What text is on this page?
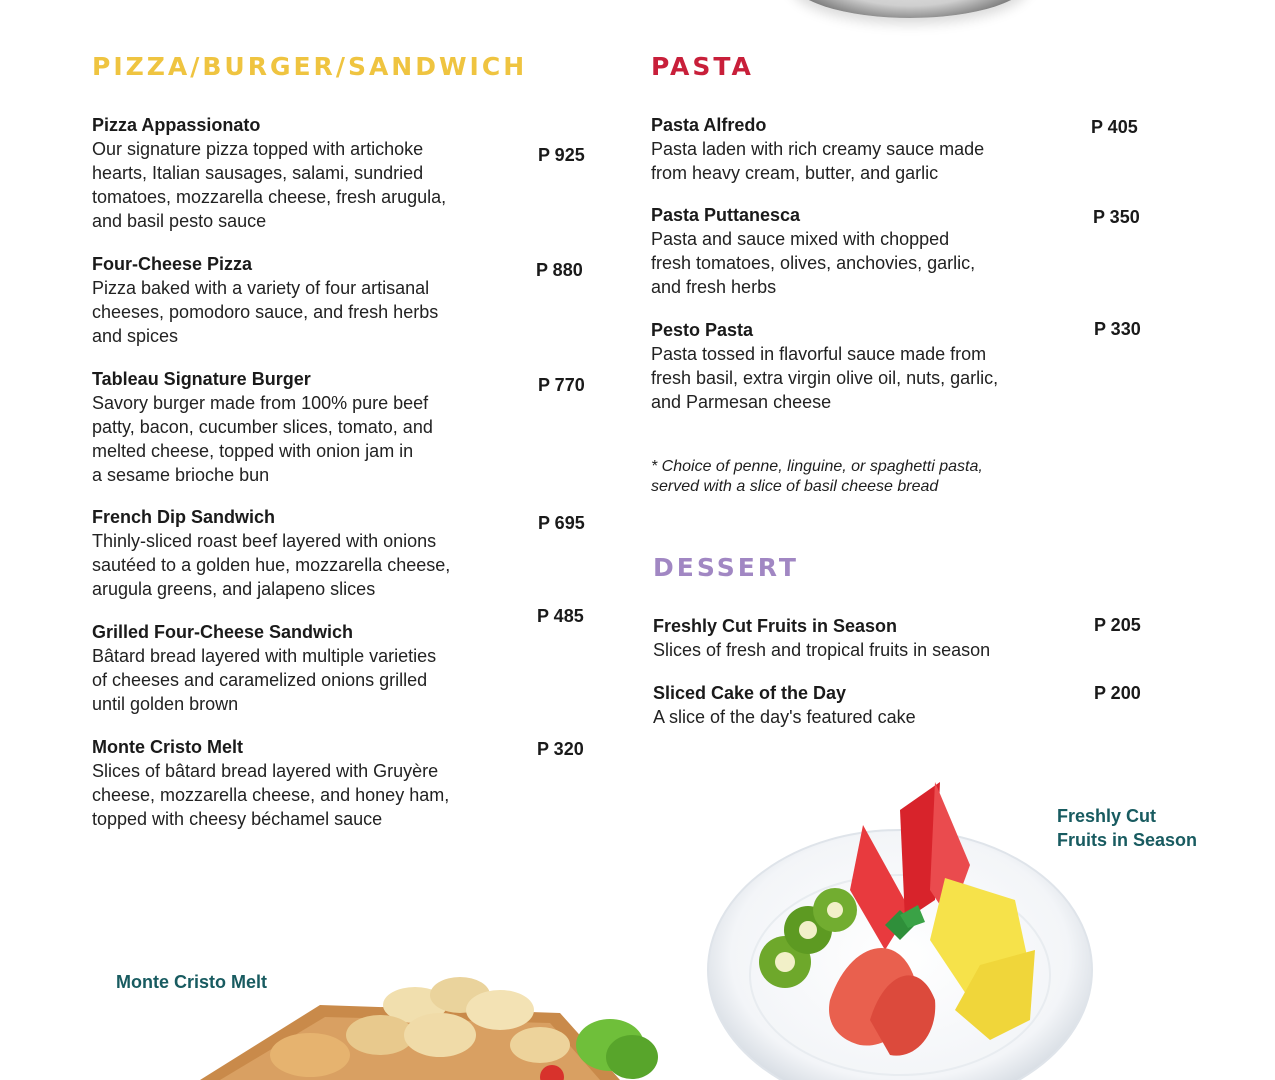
PIZZA/BURGER/SANDWICH	PASTA
DESSERT
Pizza Appassionato
Our signature pizza topped with artichoke
hearts, Italian sausages, salami, sundried
tomatoes, mozzarella cheese, fresh arugula,
and basil pesto sauce
P 925
Four-Cheese Pizza
Pizza baked with a variety of four artisanal
cheeses, pomodoro sauce, and fresh herbs
and spices
P 880
Tableau Signature Burger
Savory burger made from 100% pure beef
patty, bacon, cucumber slices, tomato, and
melted cheese, topped with onion jam in
a sesame brioche bun
P 770
French Dip Sandwich
Thinly-sliced roast beef layered with onions
sautéed to a golden hue, mozzarella cheese,
arugula greens, and jalapeno slices
P 695
Grilled Four-Cheese Sandwich
Bâtard bread layered with multiple varieties
of cheeses and caramelized onions grilled
until golden brown
P 485
Monte Cristo Melt
Slices of bâtard bread layered with Gruyère
cheese, mozzarella cheese, and honey ham,
topped with cheesy béchamel sauce
P 320
Pasta Alfredo
Pasta laden with rich creamy sauce made
from heavy cream, butter, and garlic
P 405
Pasta Puttanesca
Pasta and sauce mixed with chopped
fresh tomatoes, olives, anchovies, garlic,
and fresh herbs
P 350
Pesto Pasta
Pasta tossed in flavorful sauce made from
fresh basil, extra virgin olive oil, nuts, garlic,
and Parmesan cheese
P 330
* Choice of penne, linguine, or spaghetti pasta,
served with a slice of basil cheese bread
Freshly Cut Fruits in Season
Slices of fresh and tropical fruits in season
P 205
Sliced Cake of the Day
A slice of the day's featured cake
P 200
Freshly Cut
Fruits in Season
Monte Cristo Melt
